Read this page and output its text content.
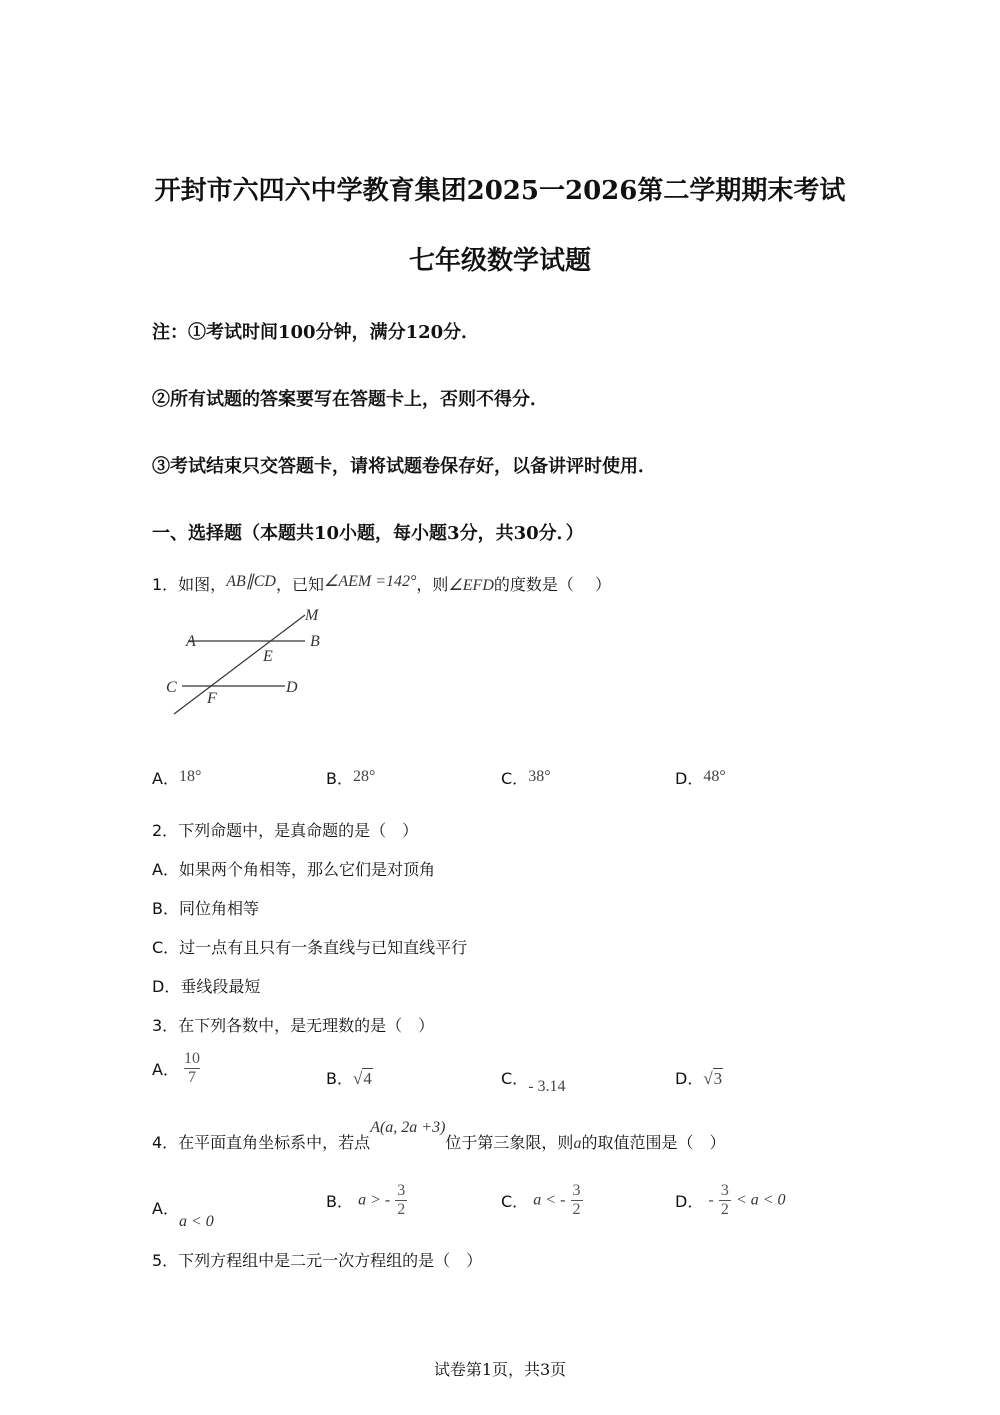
开封市六四六中学教育集团2025一2026第二学期期末考试
七年级数学试题
注：①考试时间100分钟，满分120分．
②所有试题的答案要写在答题卡上，否则不得分．
③考试结束只交答题卡，请将试题卷保存好，以备讲评时使用．
一、选择题（本题共10小题，每小题3分，共30分．）
1．如图，AB∥CD，已知∠AEM =142°，则∠EFD的度数是（　 ）
M
A	B
E
C	D
F
A．18°	B．28°	C．38°	D．48°
2．下列命题中，是真命题的是（　）
A．如果两个角相等，那么它们是对顶角
B．同位角相等
C．过一点有且只有一条直线与已知直线平行
D．垂线段最短
3．在下列各数中，是无理数的是（　）
A． $\frac{10}{7}$	B．√4	C．- 3.14	D．√3
4．在平面直角坐标系中，若点A(a, 2a +3)位于第三象限，则a的取值范围是（　）
A．a < 0
B． a > - $\frac{3}{2}$	C． a < - $\frac{3}{2}$	D． - $\frac{3}{2} < a < 0$
5．下列方程组中是二元一次方程组的是（　）
试卷第1页，共3页
